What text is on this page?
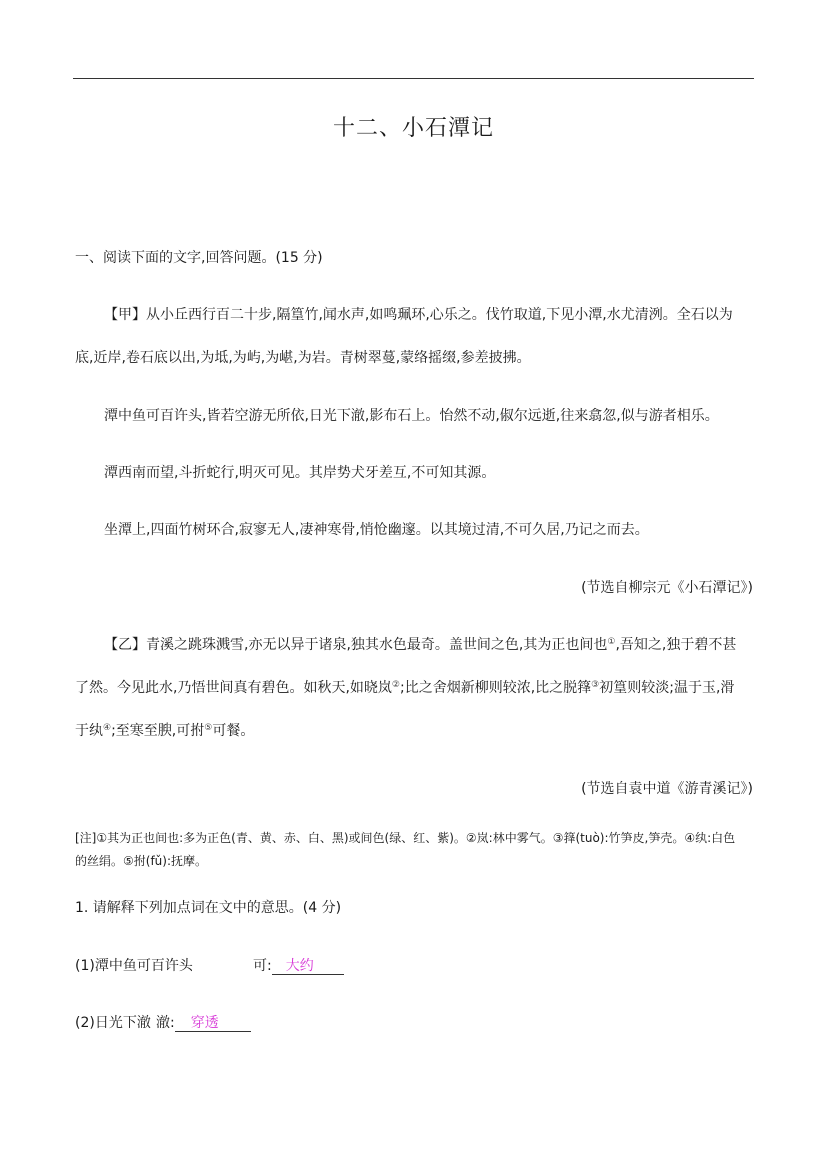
十二、小石潭记
一、阅读下面的文字,回答问题。(15 分)
【甲】从小丘西行百二十步,隔篁竹,闻水声,如鸣珮环,心乐之。伐竹取道,下见小潭,水尤清洌。全石以为
底,近岸,卷石底以出,为坻,为屿,为嵁,为岩。青树翠蔓,蒙络摇缀,参差披拂。
潭中鱼可百许头,皆若空游无所依,日光下澈,影布石上。怡然不动,俶尔远逝,往来翕忽,似与游者相乐。
潭西南而望,斗折蛇行,明灭可见。其岸势犬牙差互,不可知其源。
坐潭上,四面竹树环合,寂寥无人,凄神寒骨,悄怆幽邃。以其境过清,不可久居,乃记之而去。
(节选自柳宗元《小石潭记》)
【乙】青溪之跳珠溅雪,亦无以异于诸泉,独其水色最奇。盖世间之色,其为正也间也①,吾知之,独于碧不甚
了然。今见此水,乃悟世间真有碧色。如秋天,如晓岚②;比之舍烟新柳则较浓,比之脱箨③初篁则较淡;温于玉,滑
于纨④;至寒至腴,可拊⑤可餐。
(节选自袁中道《游青溪记》)
[注]①其为正也间也:多为正色(青、黄、赤、白、黑)或间色(绿、红、紫)。②岚:林中雾气。③箨(tuò):竹笋皮,笋壳。④纨:白色
的丝绢。⑤拊(fǔ):抚摩。
1. 请解释下列加点词在文中的意思。(4 分)
(1)潭中鱼可百许头	可: 大约
(2)日光下澈 澈: 穿透
